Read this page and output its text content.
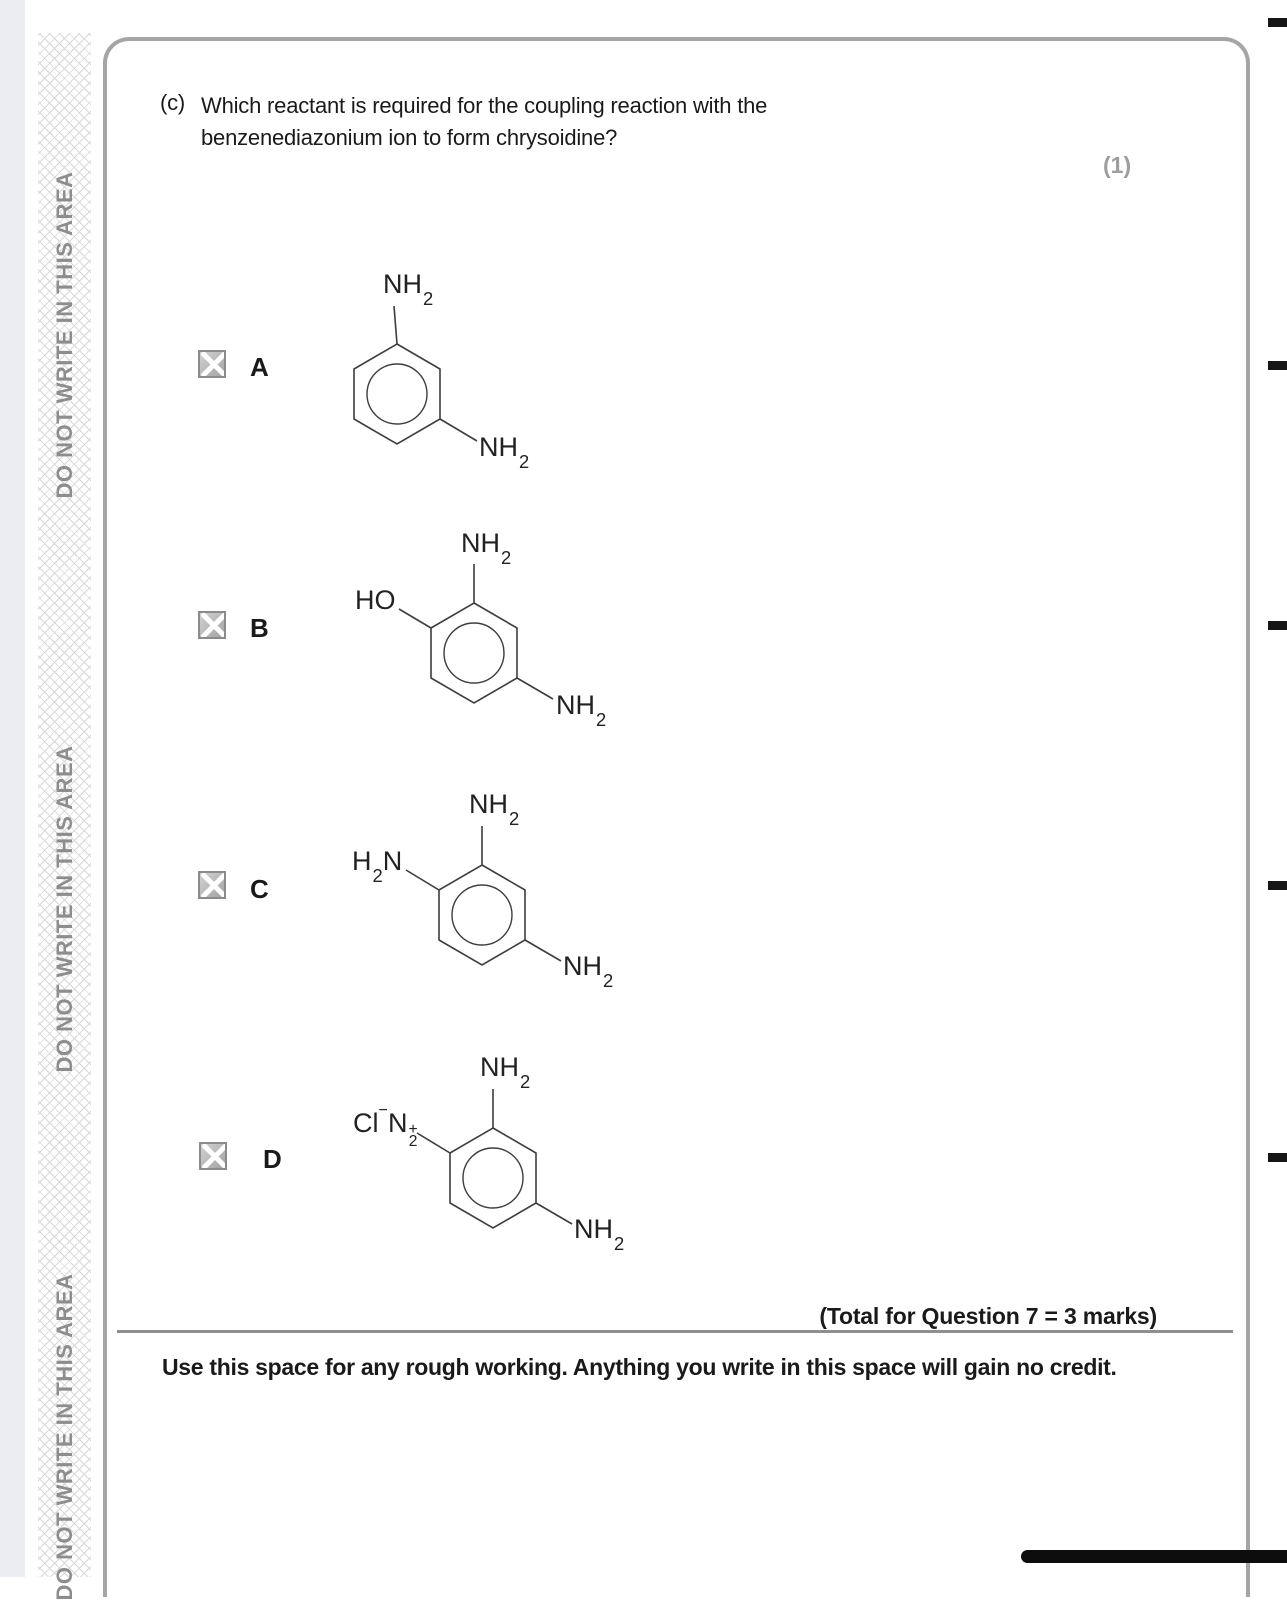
DO NOT WRITE IN THIS AREA
DO NOT WRITE IN THIS AREA
DO NOT WRITE IN THIS AREA
(c) Which reactant is required for the coupling reaction with the
benzenediazonium ion to form chrysoidine?
(1)
A
$NH_2$
$NH_2$
B
$NH_2$
HO
$NH_2$
C
$NH_2$
$H_2N$
$NH_2$
D
$NH_2$
Cl−N +
2
$NH_2$
(Total for Question 7 = 3 marks)
Use this space for any rough working. Anything you write in this space will gain no credit.
